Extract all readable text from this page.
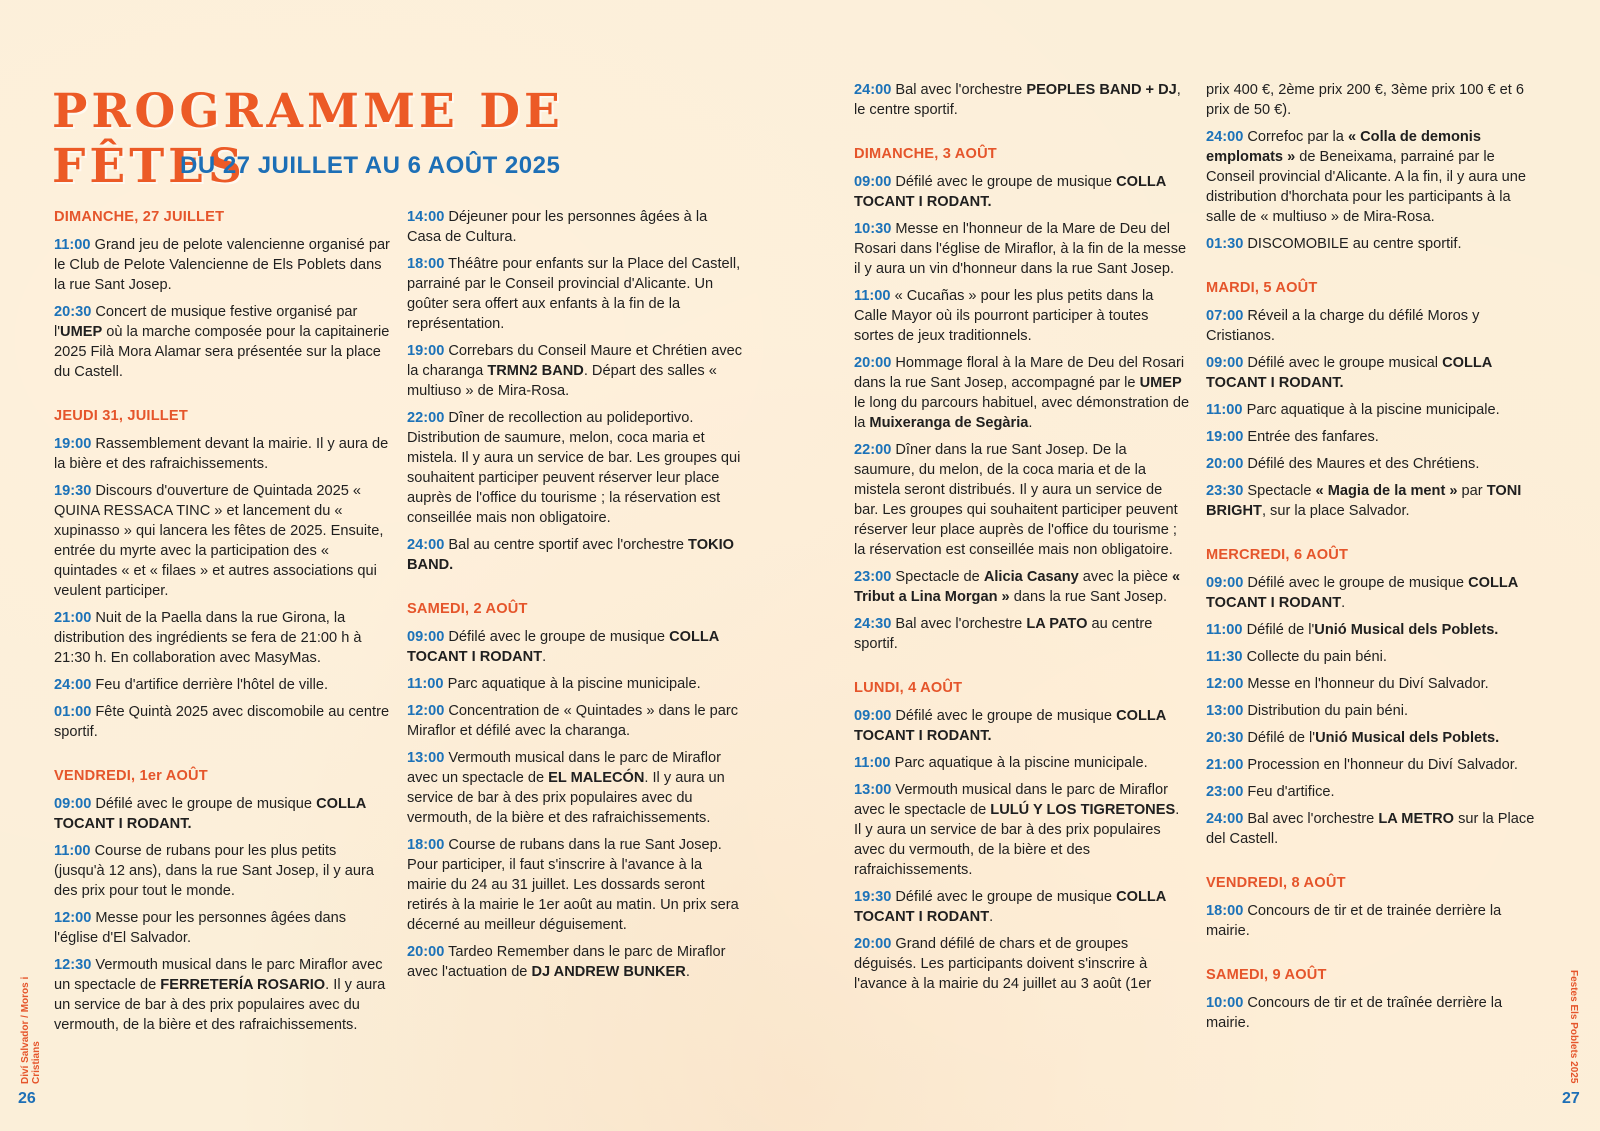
PROGRAMME DE FÊTES
DU 27 JUILLET AU 6 AOÛT 2025
DIMANCHE, 27 JUILLET

11:00 Grand jeu de pelote valencienne organisé par le Club de Pelote Valencienne de Els Poblets dans la rue Sant Josep.

20:30 Concert de musique festive organisé par l'UMEP où la marche composée pour la capitainerie 2025 Filà Mora Alamar sera présentée sur la place du Castell.

JEUDI 31, JUILLET

19:00 Rassemblement devant la mairie. Il y aura de la bière et des rafraichissements.

19:30 Discours d'ouverture de Quintada 2025 « QUINA RESSACA TINC » et lancement du « xupinasso » qui lancera les fêtes de 2025. Ensuite, entrée du myrte avec la participation des « quintades « et « filaes » et autres associations qui veulent participer.

21:00 Nuit de la Paella dans la rue Girona, la distribution des ingrédients se fera de 21:00 h à 21:30 h. En collaboration avec MasyMas.

24:00 Feu d'artifice derrière l'hôtel de ville.

01:00 Fête Quintà 2025 avec discomobile au centre sportif.

VENDREDI, 1er AOÛT

09:00 Défilé avec le groupe de musique COLLA TOCANT I RODANT.

11:00 Course de rubans pour les plus petits (jusqu'à 12 ans), dans la rue Sant Josep, il y aura des prix pour tout le monde.

12:00 Messe pour les personnes âgées dans l'église d'El Salvador.

12:30 Vermouth musical dans le parc Miraflor avec un spectacle de FERRETERÍA ROSARIO. Il y aura un service de bar à des prix populaires avec du vermouth, de la bière et des rafraichissements.

14:00 Déjeuner pour les personnes âgées à la Casa de Cultura.

18:00 Théâtre pour enfants sur la Place del Castell, parrainé par le Conseil provincial d'Alicante. Un goûter sera offert aux enfants à la fin de la représentation.

19:00 Correbars du Conseil Maure et Chrétien avec la charanga TRMN2 BAND. Départ des salles « multiuso » de Mira-Rosa.

22:00 Dîner de recollection au polideportivo. Distribution de saumure, melon, coca maria et mistela. Il y aura un service de bar. Les groupes qui souhaitent participer peuvent réserver leur place auprès de l'office du tourisme ; la réservation est conseillée mais non obligatoire.

24:00 Bal au centre sportif avec l'orchestre TOKIO BAND.

SAMEDI, 2 AOÛT

09:00 Défilé avec le groupe de musique COLLA TOCANT I RODANT.

11:00 Parc aquatique à la piscine municipale.

12:00 Concentration de « Quintades » dans le parc Miraflor et défilé avec la charanga.

13:00 Vermouth musical dans le parc de Miraflor avec un spectacle de EL MALECÓN. Il y aura un service de bar à des prix populaires avec du vermouth, de la bière et des rafraichissements.

18:00 Course de rubans dans la rue Sant Josep. Pour participer, il faut s'inscrire à l'avance à la mairie du 24 au 31 juillet. Les dossards seront retirés à la mairie le 1er août au matin. Un prix sera décerné au meilleur déguisement.

20:00 Tardeo Remember dans le parc de Miraflor avec l'actuation de DJ ANDREW BUNKER.

24:00 Bal avec l'orchestre PEOPLES BAND + DJ, le centre sportif.

DIMANCHE, 3 AOÛT

09:00 Défilé avec le groupe de musique COLLA TOCANT I RODANT.

10:30 Messe en l'honneur de la Mare de Deu del Rosari dans l'église de Miraflor, à la fin de la messe il y aura un vin d'honneur dans la rue Sant Josep.

11:00 « Cucañas » pour les plus petits dans la Calle Mayor où ils pourront participer à toutes sortes de jeux traditionnels.

20:00 Hommage floral à la Mare de Deu del Rosari dans la rue Sant Josep, accompagné par le UMEP le long du parcours habituel, avec démonstration de la Muixeranga de Segària.

22:00 Dîner dans la rue Sant Josep. De la saumure, du melon, de la coca maria et de la mistela seront distribués. Il y aura un service de bar. Les groupes qui souhaitent participer peuvent réserver leur place auprès de l'office du tourisme ; la réservation est conseillée mais non obligatoire.

23:00 Spectacle de Alicia Casany avec la pièce « Tribut a Lina Morgan » dans la rue Sant Josep.

24:30 Bal avec l'orchestre LA PATO au centre sportif.

LUNDI, 4 AOÛT

09:00 Défilé avec le groupe de musique COLLA TOCANT I RODANT.

11:00 Parc aquatique à la piscine municipale.

13:00 Vermouth musical dans le parc de Miraflor avec le spectacle de LULÚ Y LOS TIGRETONES. Il y aura un service de bar à des prix populaires avec du vermouth, de la bière et des rafraichissements.

19:30 Défilé avec le groupe de musique COLLA TOCANT I RODANT.

20:00 Grand défilé de chars et de groupes déguisés. Les participants doivent s'inscrire à l'avance à la mairie du 24 juillet au 3 août (1er

prix 400 €, 2ème prix 200 €, 3ème prix 100 € et 6 prix de 50 €).

24:00 Correfoc par la « Colla de demonis emplomats » de Beneixama, parrainé par le Conseil provincial d'Alicante. A la fin, il y aura une distribution d'horchata pour les participants à la salle de « multiuso » de Mira-Rosa.

01:30 DISCOMOBILE au centre sportif.

MARDI, 5 AOÛT

07:00 Réveil a la charge du défilé Moros y Cristianos.

09:00 Défilé avec le groupe musical COLLA TOCANT I RODANT.

11:00 Parc aquatique à la piscine municipale.

19:00 Entrée des fanfares.

20:00 Défilé des Maures et des Chrétiens.

23:30 Spectacle « Magia de la ment » par TONI BRIGHT, sur la place Salvador.

MERCREDI, 6 AOÛT

09:00 Défilé avec le groupe de musique COLLA TOCANT I RODANT.

11:00 Défilé de l'Unió Musical dels Poblets.

11:30 Collecte du pain béni.

12:00 Messe en l'honneur du Diví Salvador.

13:00 Distribution du pain béni.

20:30 Défilé de l'Unió Musical dels Poblets.

21:00 Procession en l'honneur du Diví Salvador.

23:00 Feu d'artifice.

24:00 Bal avec l'orchestre LA METRO sur la Place del Castell.

VENDREDI, 8 AOÛT

18:00 Concours de tir et de trainée derrière la mairie.

SAMEDI, 9 AOÛT

10:00 Concours de tir et de traînée derrière la mairie.

Diví Salvador / Moros i Cristians
26
Festes Els Poblets 2025
27
